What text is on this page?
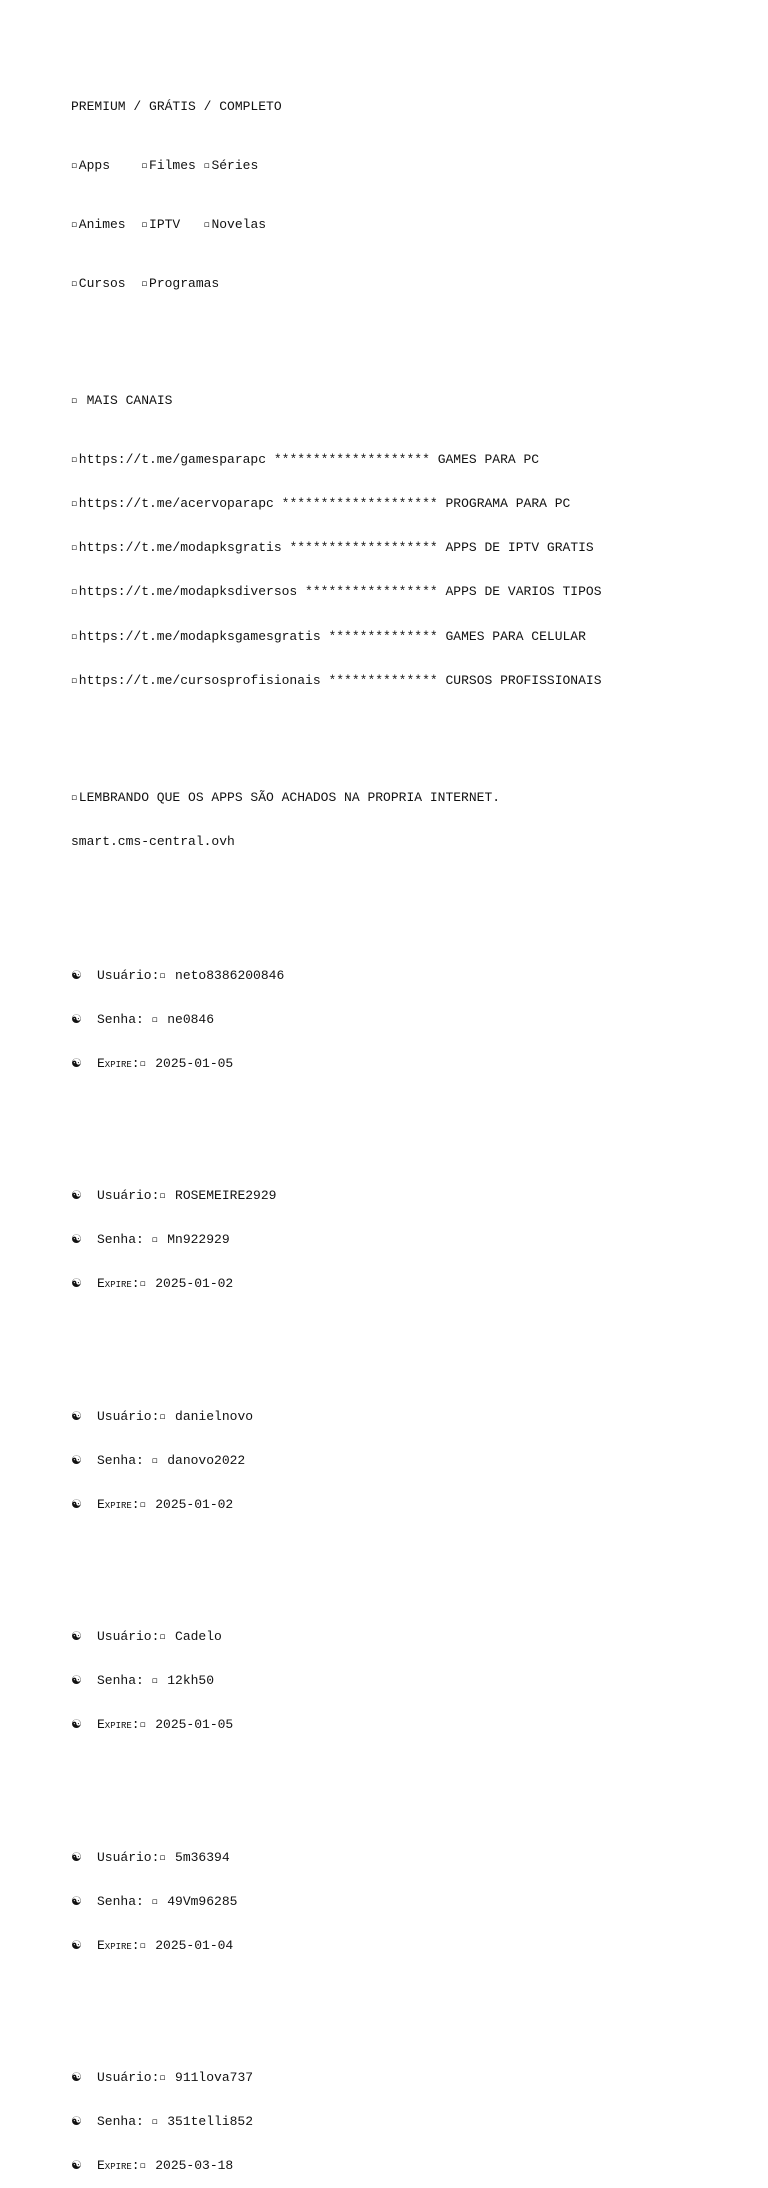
PREMIUM / GRÁTIS / COMPLETO

▫ Apps	▫ Filmes ▫ Séries

▫ Animes ▫ IPTV	▫ Novelas

▫ Cursos ▫ Programas

▫ MAIS CANAIS

▫ https://t.me/gamesparapc ******************** GAMES PARA PC

▫ https://t.me/acervoparapc ******************** PROGRAMA PARA PC

▫ https://t.me/modapksgratis ******************* APPS DE IPTV GRATIS

▫ https://t.me/modapksdiversos ***************** APPS DE VARIOS TIPOS

▫ https://t.me/modapksgamesgratis ************** GAMES PARA CELULAR

▫ https://t.me/cursosprofisionais ************** CURSOS PROFISSIONAIS

▫ LEMBRANDO QUE OS APPS SÃO ACHADOS NA PROPRIA INTERNET.

smart.cms-central.ovh

☯ Usuário:▫ neto8386200846

☯ Senha: ▫ ne0846

☯ Expire:▫ 2025-01-05

☯ Usuário:▫ ROSEMEIRE2929

☯ Senha: ▫ Mn922929

☯ Expire:▫ 2025-01-02

☯ Usuário:▫ danielnovo

☯ Senha: ▫ danovo2022

☯ Expire:▫ 2025-01-02

☯ Usuário:▫ Cadelo

☯ Senha: ▫ 12kh50

☯ Expire:▫ 2025-01-05

☯ Usuário:▫ 5m36394

☯ Senha: ▫ 49Vm96285

☯ Expire:▫ 2025-01-04

☯ Usuário:▫ 911lova737

☯ Senha: ▫ 351telli852

☯ Expire:▫ 2025-03-18
